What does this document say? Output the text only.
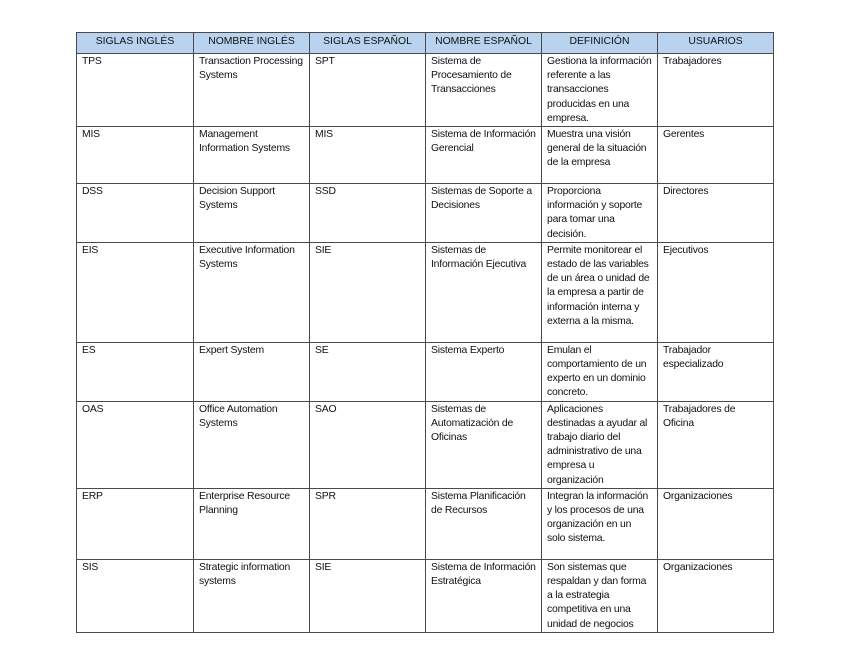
SIGLAS INGLÉS	NOMBRE INGLÉS	SIGLAS ESPAÑOL	NOMBRE ESPAÑOL	DEFINICIÓN	USUARIOS
TPS	Transaction Processing Systems	SPT	Sistema de Procesamiento de Transacciones	Gestiona la información referente a las transacciones producidas en una empresa.	Trabajadores
MIS	Management Information Systems	MIS	Sistema de Información Gerencial	Muestra una visión general de la situación de la empresa	Gerentes
DSS	Decision Support Systems	SSD	Sistemas de Soporte a Decisiones	Proporciona información y soporte para tomar una decisión.	Directores
EIS	Executive Information Systems	SIE	Sistemas de Información Ejecutiva	Permite monitorear el estado de las variables de un área o unidad de la empresa a partir de información interna y externa a la misma.	Ejecutivos
ES	Expert System	SE	Sistema Experto	Emulan el comportamiento de un experto en un dominio concreto.	Trabajador especializado
OAS	Office Automation Systems	SAO	Sistemas de Automatización de Oficinas	Aplicaciones destinadas a ayudar al trabajo diario del administrativo de una empresa u organización	Trabajadores de Oficina
ERP	Enterprise Resource Planning	SPR	Sistema Planificación de Recursos	Integran la información y los procesos de una organización en un solo sistema.	Organizaciones
SIS	Strategic information systems	SIE	Sistema de Información Estratégica	Son sistemas que respaldan y dan forma a la estrategia competitiva en una unidad de negocios	Organizaciones
